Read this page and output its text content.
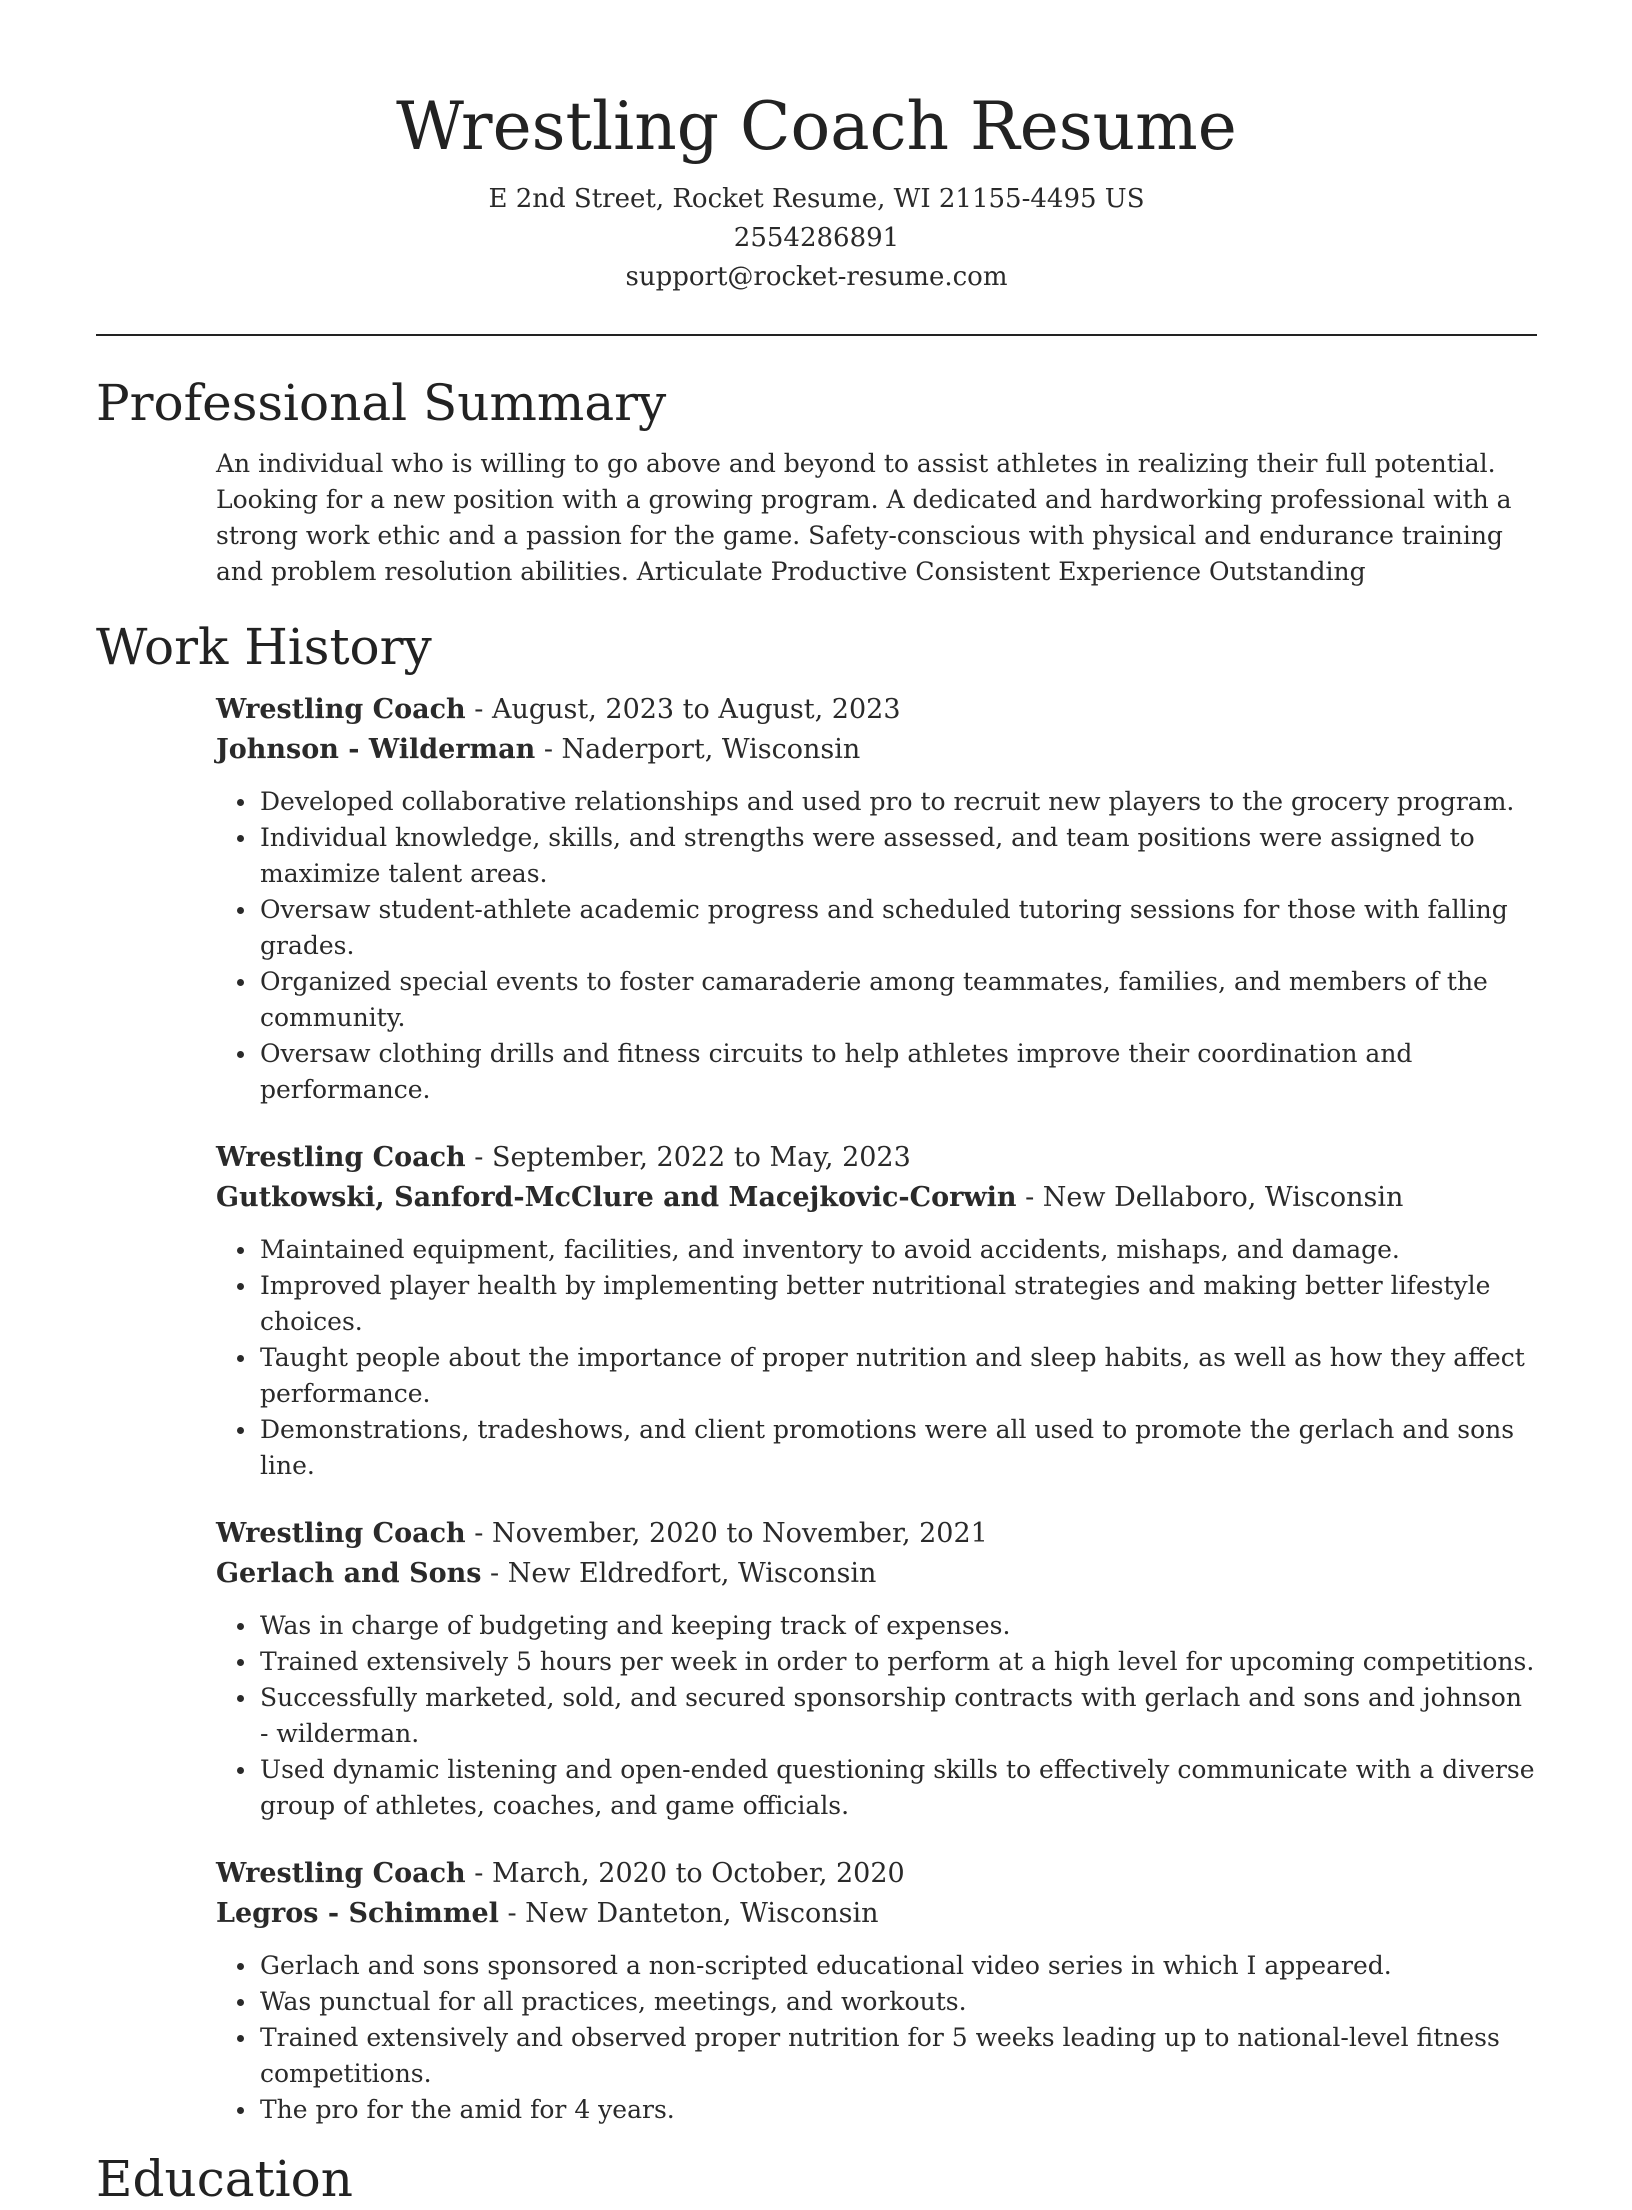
Wrestling Coach Resume
E 2nd Street, Rocket Resume, WI 21155-4495 US
2554286891
support@rocket-resume.com
Professional Summary
An individual who is willing to go above and beyond to assist athletes in realizing their full potential. Looking for a new position with a growing program. A dedicated and hardworking professional with a strong work ethic and a passion for the game. Safety-conscious with physical and endurance training and problem resolution abilities. Articulate Productive Consistent Experience Outstanding
Work History
Wrestling Coach - August, 2023 to August, 2023
Johnson - Wilderman - Naderport, Wisconsin
Developed collaborative relationships and used pro to recruit new players to the grocery program.
Individual knowledge, skills, and strengths were assessed, and team positions were assigned to maximize talent areas.
Oversaw student-athlete academic progress and scheduled tutoring sessions for those with falling grades.
Organized special events to foster camaraderie among teammates, families, and members of the community.
Oversaw clothing drills and fitness circuits to help athletes improve their coordination and performance.
Wrestling Coach - September, 2022 to May, 2023
Gutkowski, Sanford-McClure and Macejkovic-Corwin - New Dellaboro, Wisconsin
Maintained equipment, facilities, and inventory to avoid accidents, mishaps, and damage.
Improved player health by implementing better nutritional strategies and making better lifestyle choices.
Taught people about the importance of proper nutrition and sleep habits, as well as how they affect performance.
Demonstrations, tradeshows, and client promotions were all used to promote the gerlach and sons line.
Wrestling Coach - November, 2020 to November, 2021
Gerlach and Sons - New Eldredfort, Wisconsin
Was in charge of budgeting and keeping track of expenses.
Trained extensively 5 hours per week in order to perform at a high level for upcoming competitions.
Successfully marketed, sold, and secured sponsorship contracts with gerlach and sons and johnson - wilderman.
Used dynamic listening and open-ended questioning skills to effectively communicate with a diverse group of athletes, coaches, and game officials.
Wrestling Coach - March, 2020 to October, 2020
Legros - Schimmel - New Danteton, Wisconsin
Gerlach and sons sponsored a non-scripted educational video series in which I appeared.
Was punctual for all practices, meetings, and workouts.
Trained extensively and observed proper nutrition for 5 weeks leading up to national-level fitness competitions.
The pro for the amid for 4 years.
Education
